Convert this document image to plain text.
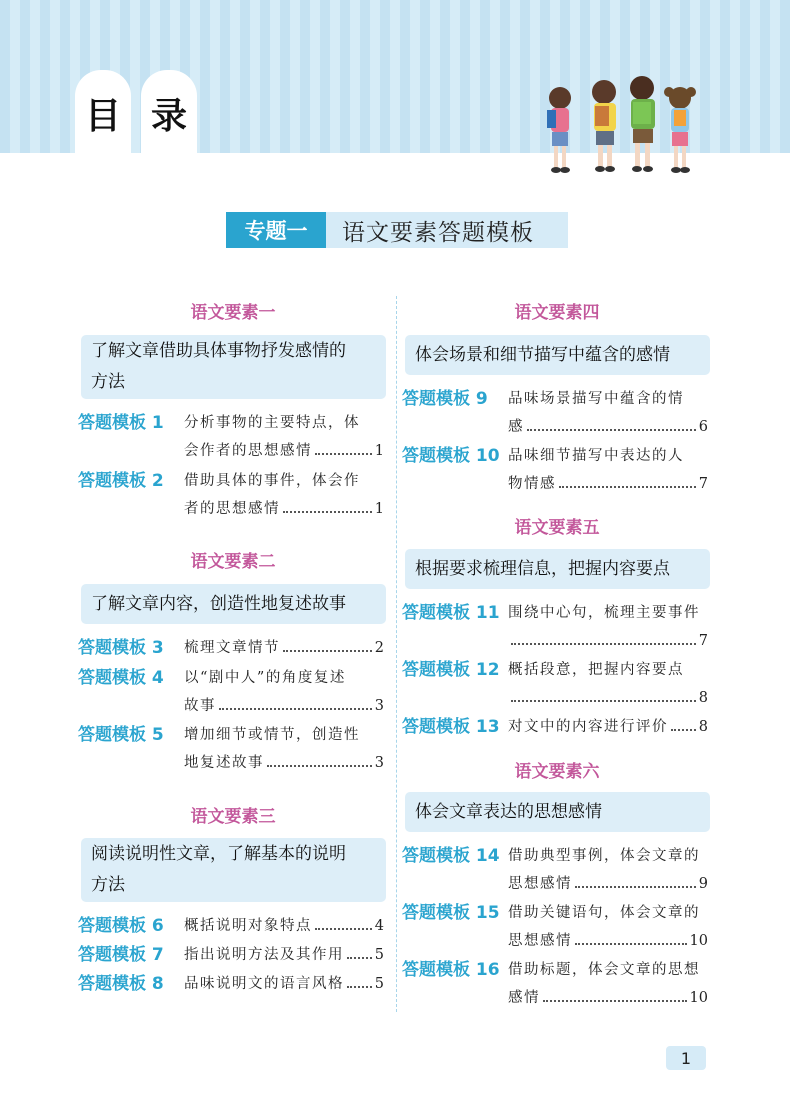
目 录
专题一	语文要素答题模板
语文要素一
了解文章借助具体事物抒发感情的
方法
答题模板 1 分析事物的主要特点，体
会作者的思想感情	1
答题模板 2 借助具体的事件，体会作
者的思想感情	1
语文要素二
了解文章内容，创造性地复述故事
答题模板 3 梳理文章情节	2
答题模板 4 以“剧中人”的角度复述
故事	3
答题模板 5 增加细节或情节，创造性
地复述故事	3
语文要素三
阅读说明性文章，了解基本的说明
方法
答题模板 6 概括说明对象特点	4
答题模板 7 指出说明方法及其作用 5
答题模板 8 品味说明文的语言风格 5
语文要素四
体会场景和细节描写中蕴含的感情
答题模板 9 品味场景描写中蕴含的情
感	6
答题模板 10 品味细节描写中表达的人
物情感	7
语文要素五
根据要求梳理信息，把握内容要点
答题模板 11 围绕中心句，梳理主要事件
7
答题模板 12 概括段意，把握内容要点
8
答题模板 13 对文中的内容进行评价 8
语文要素六
体会文章表达的思想感情
答题模板 14 借助典型事例，体会文章的
思想感情	9
答题模板 15 借助关键语句，体会文章的
思想感情	10
答题模板 16 借助标题，体会文章的思想
感情	10
1
